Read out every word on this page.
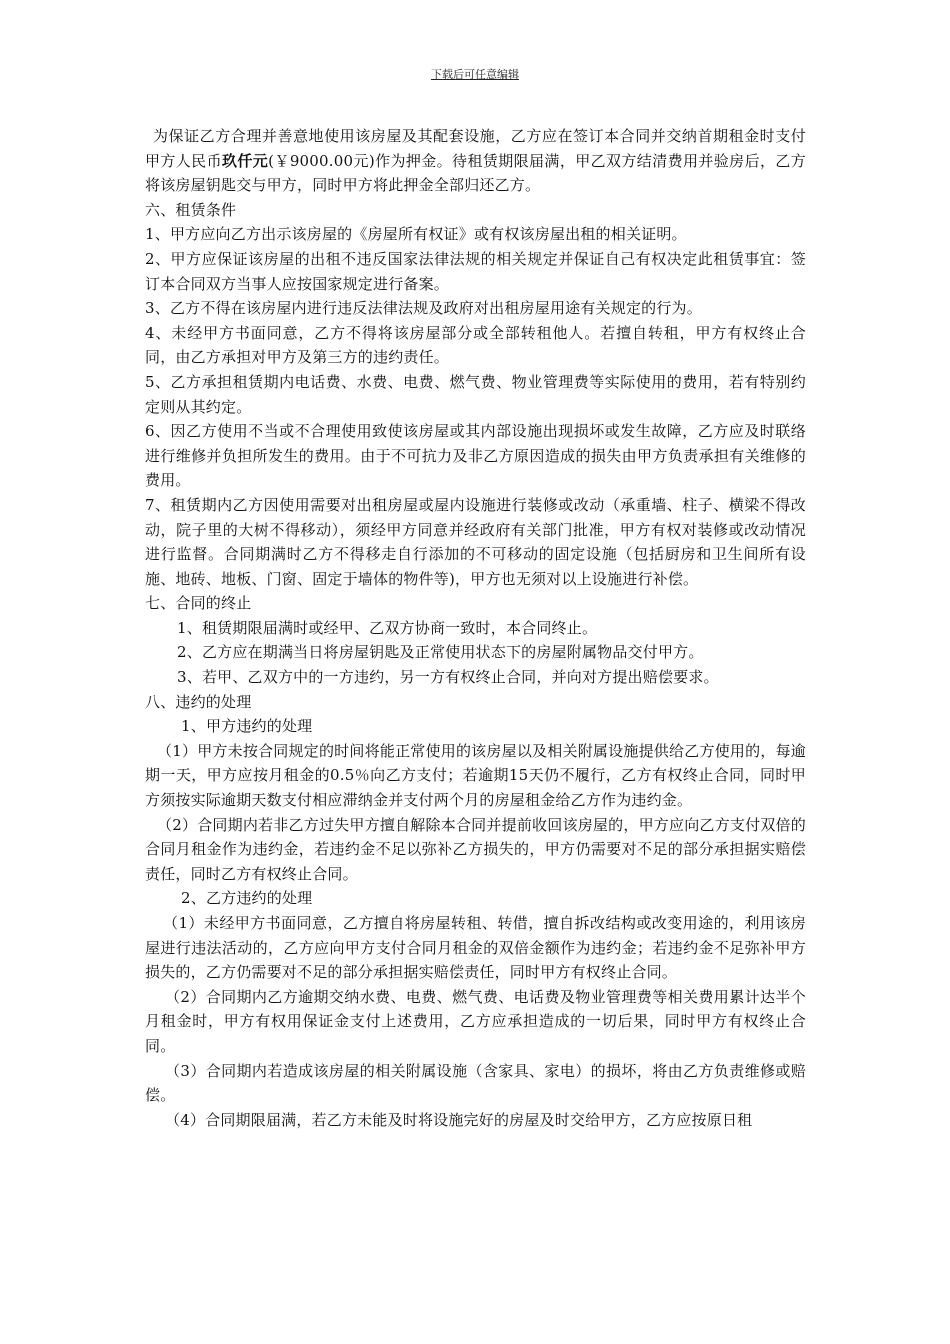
下载后可任意编辑

为保证乙方合理并善意地使用该房屋及其配套设施，乙方应在签订本合同并交纳首期租金时支付甲方人民币玖仟元(￥9000.00元)作为押金。待租赁期限届满，甲乙双方结清费用并验房后，乙方将该房屋钥匙交与甲方，同时甲方将此押金全部归还乙方。

六、租赁条件

1、甲方应向乙方出示该房屋的《房屋所有权证》或有权该房屋出租的相关证明。

2、甲方应保证该房屋的出租不违反国家法律法规的相关规定并保证自己有权决定此租赁事宜：签订本合同双方当事人应按国家规定进行备案。

3、乙方不得在该房屋内进行违反法律法规及政府对出租房屋用途有关规定的行为。

4、未经甲方书面同意，乙方不得将该房屋部分或全部转租他人。若擅自转租，甲方有权终止合同，由乙方承担对甲方及第三方的违约责任。

5、乙方承担租赁期内电话费、水费、电费、燃气费、物业管理费等实际使用的费用，若有特别约定则从其约定。

6、因乙方使用不当或不合理使用致使该房屋或其内部设施出现损坏或发生故障，乙方应及时联络进行维修并负担所发生的费用。由于不可抗力及非乙方原因造成的损失由甲方负责承担有关维修的费用。

7、租赁期内乙方因使用需要对出租房屋或屋内设施进行装修或改动（承重墙、柱子、横梁不得改动，院子里的大树不得移动），须经甲方同意并经政府有关部门批准，甲方有权对装修或改动情况进行监督。合同期满时乙方不得移走自行添加的不可移动的固定设施（包括厨房和卫生间所有设施、地砖、地板、门窗、固定于墙体的物件等)，甲方也无须对以上设施进行补偿。

七、合同的终止

1、租赁期限届满时或经甲、乙双方协商一致时，本合同终止。

2、乙方应在期满当日将房屋钥匙及正常使用状态下的房屋附属物品交付甲方。

3、若甲、乙双方中的一方违约，另一方有权终止合同，并向对方提出赔偿要求。

八、违约的处理

1、甲方违约的处理

（1）甲方未按合同规定的时间将能正常使用的该房屋以及相关附属设施提供给乙方使用的，每逾期一天，甲方应按月租金的0.5％向乙方支付；若逾期15天仍不履行，乙方有权终止合同，同时甲方须按实际逾期天数支付相应滞纳金并支付两个月的房屋租金给乙方作为违约金。

（2）合同期内若非乙方过失甲方擅自解除本合同并提前收回该房屋的，甲方应向乙方支付双倍的合同月租金作为违约金，若违约金不足以弥补乙方损失的，甲方仍需要对不足的部分承担据实赔偿责任，同时乙方有权终止合同。

2、乙方违约的处理

（1）未经甲方书面同意，乙方擅自将房屋转租、转借，擅自拆改结构或改变用途的，利用该房屋进行违法活动的，乙方应向甲方支付合同月租金的双倍金额作为违约金；若违约金不足弥补甲方损失的，乙方仍需要对不足的部分承担据实赔偿责任，同时甲方有权终止合同。

（2）合同期内乙方逾期交纳水费、电费、燃气费、电话费及物业管理费等相关费用累计达半个月租金时，甲方有权用保证金支付上述费用，乙方应承担造成的一切后果，同时甲方有权终止合同。

（3）合同期内若造成该房屋的相关附属设施（含家具、家电）的损坏，将由乙方负责维修或赔偿。

（4）合同期限届满，若乙方未能及时将设施完好的房屋及时交给甲方，乙方应按原日租
